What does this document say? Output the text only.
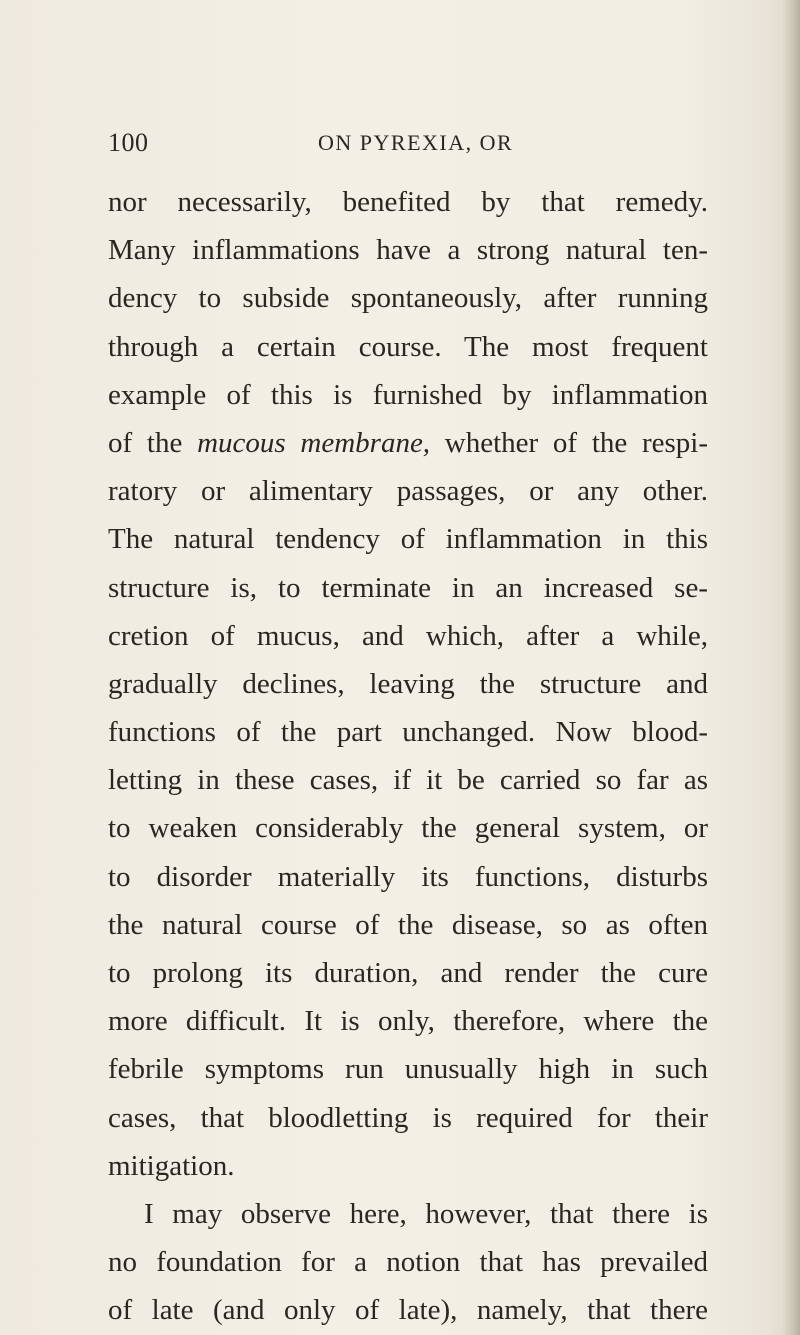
100	ON PYREXIA, OR
nor necessarily, benefited by that remedy.
Many inflammations have a strong natural ten-
dency to subside spontaneously, after running
through a certain course. The most frequent
example of this is furnished by inflammation
of the mucous membrane, whether of the respi-
ratory or alimentary passages, or any other.
The natural tendency of inflammation in this
structure is, to terminate in an increased se-
cretion of mucus, and which, after a while,
gradually declines, leaving the structure and
functions of the part unchanged. Now blood-
letting in these cases, if it be carried so far as
to weaken considerably the general system, or
to disorder materially its functions, disturbs
the natural course of the disease, so as often
to prolong its duration, and render the cure
more difficult. It is only, therefore, where the
febrile symptoms run unusually high in such
cases, that bloodletting is required for their
mitigation.
I may observe here, however, that there is
no foundation for a notion that has prevailed
of late (and only of late), namely, that there
